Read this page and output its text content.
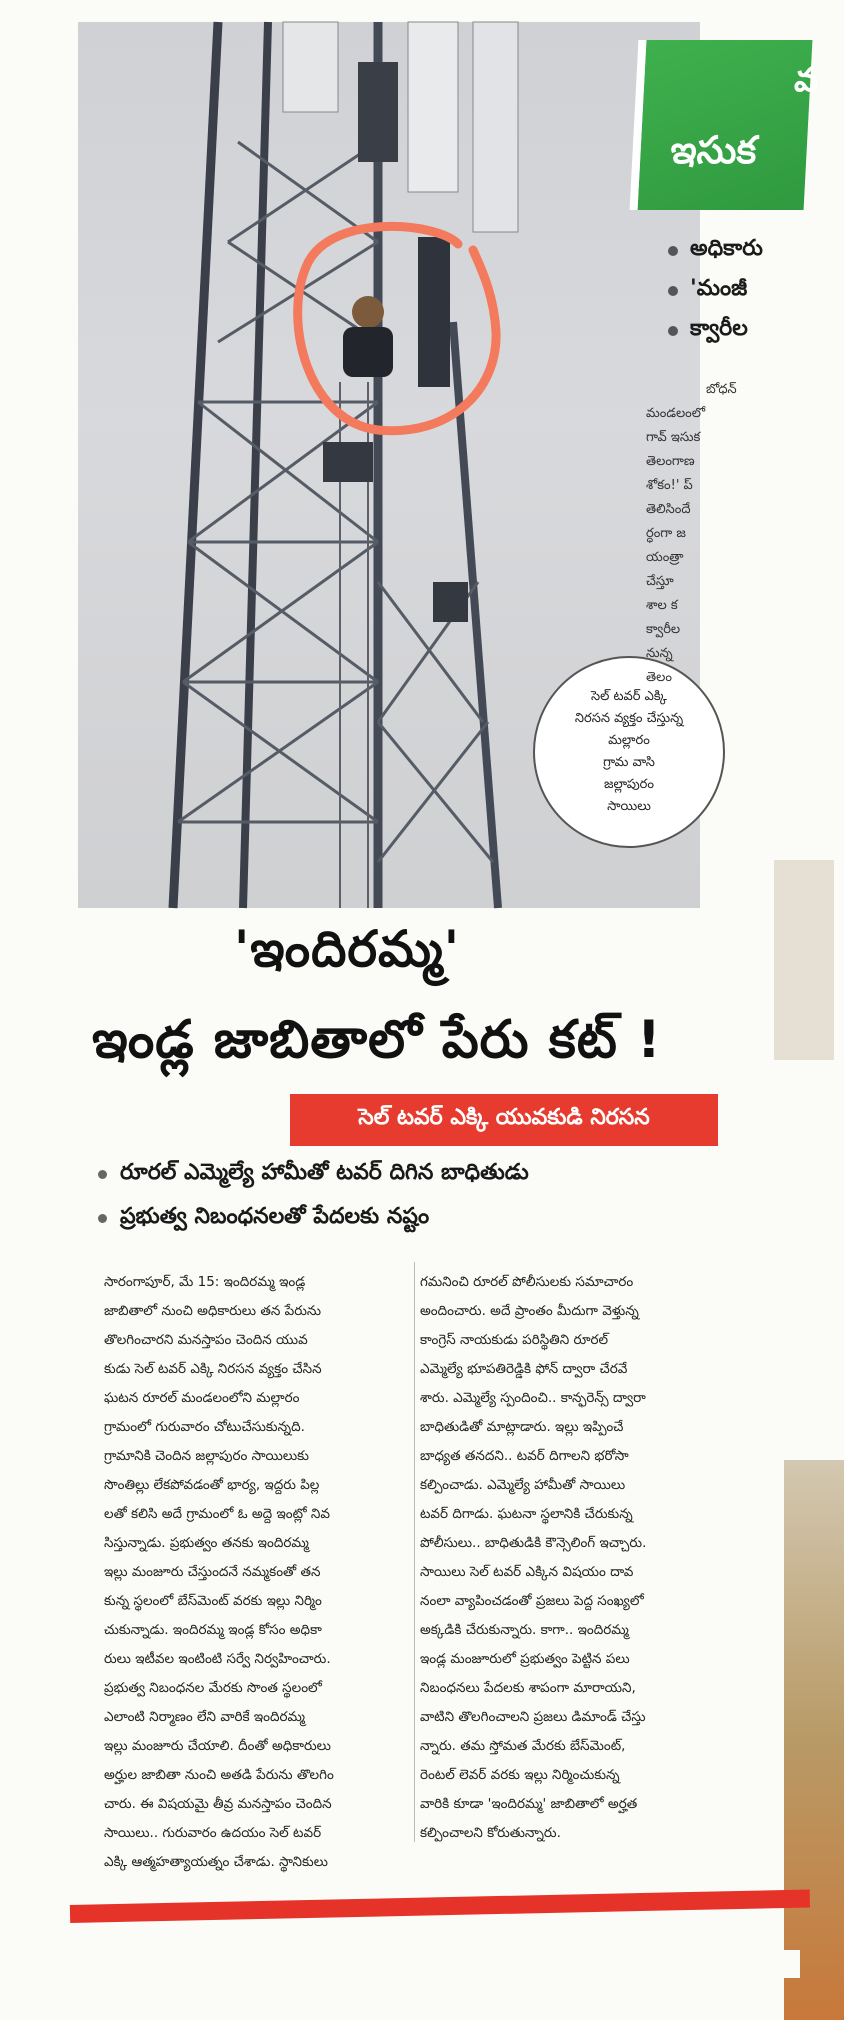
సెల్ టవర్ ఎక్కి
నిరసన వ్యక్తం చేస్తున్న
మల్లారం
గ్రామ వాసి
జల్లాపురం
సాయిలు
వ
ఇసుక
అధికారు
'మంజీ
క్వారీల
బోధన్
మండలంలో
గావ్ ఇసుక
తెలంగాణ
శోకం!' ప్
తెలిసిందే
ర్ధంగా జ
యంత్రా
చేస్తూ
శాల క
క్వారీల
నున్న
తెలం
'ఇందిరమ్మ'
ఇండ్ల జాబితాలో పేరు కట్ !
సెల్ టవర్ ఎక్కి యువకుడి నిరసన
రూరల్ ఎమ్మెల్యే హామీతో టవర్ దిగిన బాధితుడు
ప్రభుత్వ నిబంధనలతో పేదలకు నష్టం
సారంగాపూర్, మే 15: ఇందిరమ్మ ఇండ్ల
జాబితాలో నుంచి అధికారులు తన పేరును
తొలగించారని మనస్తాపం చెందిన యువ
కుడు సెల్ టవర్ ఎక్కి నిరసన వ్యక్తం చేసిన
ఘటన రూరల్ మండలంలోని మల్లారం
గ్రామంలో గురువారం చోటుచేసుకున్నది.
గ్రామానికి చెందిన జల్లాపురం సాయిలుకు
సొంతిల్లు లేకపోవడంతో భార్య, ఇద్దరు పిల్ల
లతో కలిసి అదే గ్రామంలో ఓ అద్దె ఇంట్లో నివ
సిస్తున్నాడు. ప్రభుత్వం తనకు ఇందిరమ్మ
ఇల్లు మంజూరు చేస్తుందనే నమ్మకంతో తన
కున్న స్థలంలో బేస్‌మెంట్ వరకు ఇల్లు నిర్మిం
చుకున్నాడు. ఇందిరమ్మ ఇండ్ల కోసం అధికా
రులు ఇటీవల ఇంటింటి సర్వే నిర్వహించారు.
ప్రభుత్వ నిబంధనల మేరకు సొంత స్థలంలో
ఎలాంటి నిర్మాణం లేని వారికే ఇందిరమ్మ
ఇల్లు మంజూరు చేయాలి. దీంతో అధికారులు
అర్హుల జాబితా నుంచి అతడి పేరును తొలగిం
చారు. ఈ విషయమై తీవ్ర మనస్తాపం చెందిన
సాయిలు.. గురువారం ఉదయం సెల్ టవర్
ఎక్కి ఆత్మహత్యాయత్నం చేశాడు. స్థానికులు
గమనించి రూరల్ పోలీసులకు సమాచారం
అందించారు. అదే ప్రాంతం మీదుగా వెళ్తున్న
కాంగ్రెస్ నాయకుడు పరిస్థితిని రూరల్
ఎమ్మెల్యే భూపతిరెడ్డికి ఫోన్ ద్వారా చేరవే
శారు. ఎమ్మెల్యే స్పందించి.. కాన్ఫరెన్స్ ద్వారా
బాధితుడితో మాట్లాడారు. ఇల్లు ఇప్పించే
బాధ్యత తనదని.. టవర్ దిగాలని భరోసా
కల్పించాడు. ఎమ్మెల్యే హామీతో సాయిలు
టవర్ దిగాడు. ఘటనా స్థలానికి చేరుకున్న
పోలీసులు.. బాధితుడికి కౌన్సెలింగ్ ఇచ్చారు.
సాయిలు సెల్ టవర్ ఎక్కిన విషయం దావ
నంలా వ్యాపించడంతో ప్రజలు పెద్ద సంఖ్యలో
అక్కడికి చేరుకున్నారు. కాగా.. ఇందిరమ్మ
ఇండ్ల మంజూరులో ప్రభుత్వం పెట్టిన పలు
నిబంధనలు పేదలకు శాపంగా మారాయని,
వాటిని తొలగించాలని ప్రజలు డిమాండ్ చేస్తు
న్నారు. తమ స్తోమత మేరకు బేస్‌మెంట్,
రెంటల్ లెవర్ వరకు ఇల్లు నిర్మించుకున్న
వారికి కూడా 'ఇందిరమ్మ' జాబితాలో అర్హత
కల్పించాలని కోరుతున్నారు.
